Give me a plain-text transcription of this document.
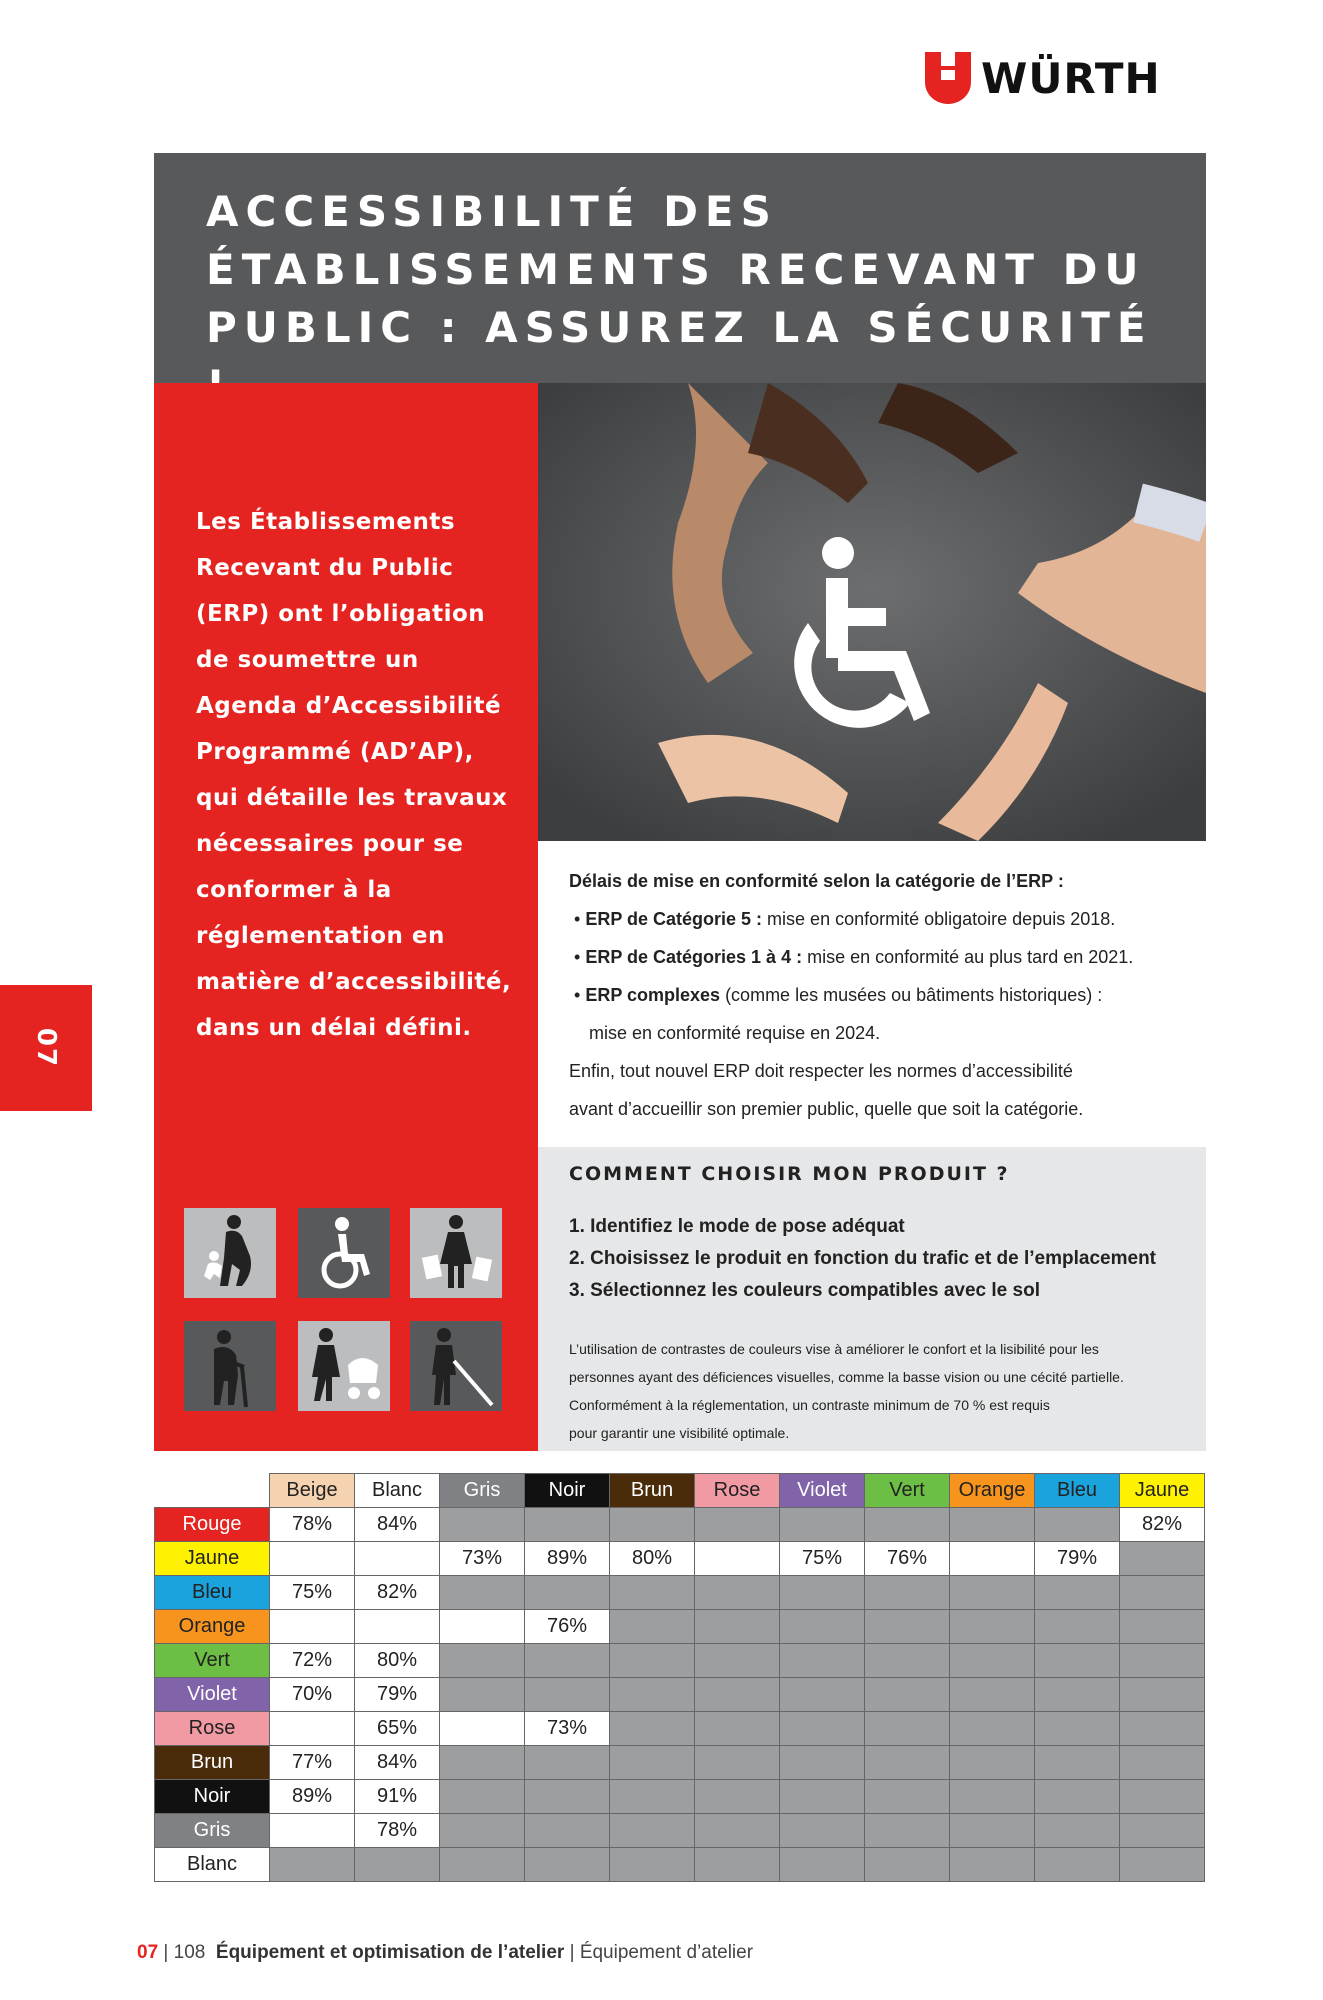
WÜRTH
ACCESSIBILITÉ DES
ÉTABLISSEMENTS RECEVANT DU
PUBLIC : ASSUREZ LA SÉCURITÉ
Les Établissements Recevant du Public (ERP) ont l’obligation de soumettre un Agenda d’Accessibilité Programmé (AD’AP), qui détaille les travaux nécessaires pour se conformer à la réglementation en matière d’accessibilité, dans un délai défini.
Délais de mise en conformité selon la catégorie de l’ERP :
• ERP de Catégorie 5 : mise en conformité obligatoire depuis 2018.
• ERP de Catégories 1 à 4 : mise en conformité au plus tard en 2021.
• ERP complexes (comme les musées ou bâtiments historiques) :
mise en conformité requise en 2024.
Enfin, tout nouvel ERP doit respecter les normes d’accessibilité
avant d’accueillir son premier public, quelle que soit la catégorie.
COMMENT CHOISIR MON PRODUIT ?
1. Identifiez le mode de pose adéquat
2. Choisissez le produit en fonction du trafic et de l’emplacement
3. Sélectionnez les couleurs compatibles avec le sol
L’utilisation de contrastes de couleurs vise à améliorer le confort et la lisibilité pour les
personnes ayant des déficiences visuelles, comme la basse vision ou une cécité partielle.
Conformément à la réglementation, un contraste minimum de 70 % est requis
pour garantir une visibilité optimale.
07
	Beige	Blanc	Gris	Noir	Brun	Rose	Violet	Vert	Orange	Bleu	Jaune
Rouge	78%	84%									82%
Jaune			73%	89%	80%		75%	76%		79%	
Bleu	75%	82%									
Orange				76%							
Vert	72%	80%									
Violet	70%	79%									
Rose		65%		73%							
Brun	77%	84%									
Noir	89%	91%									
Gris		78%									
Blanc											
07 | 108 Équipement et optimisation de l’atelier | Équipement d’atelier
